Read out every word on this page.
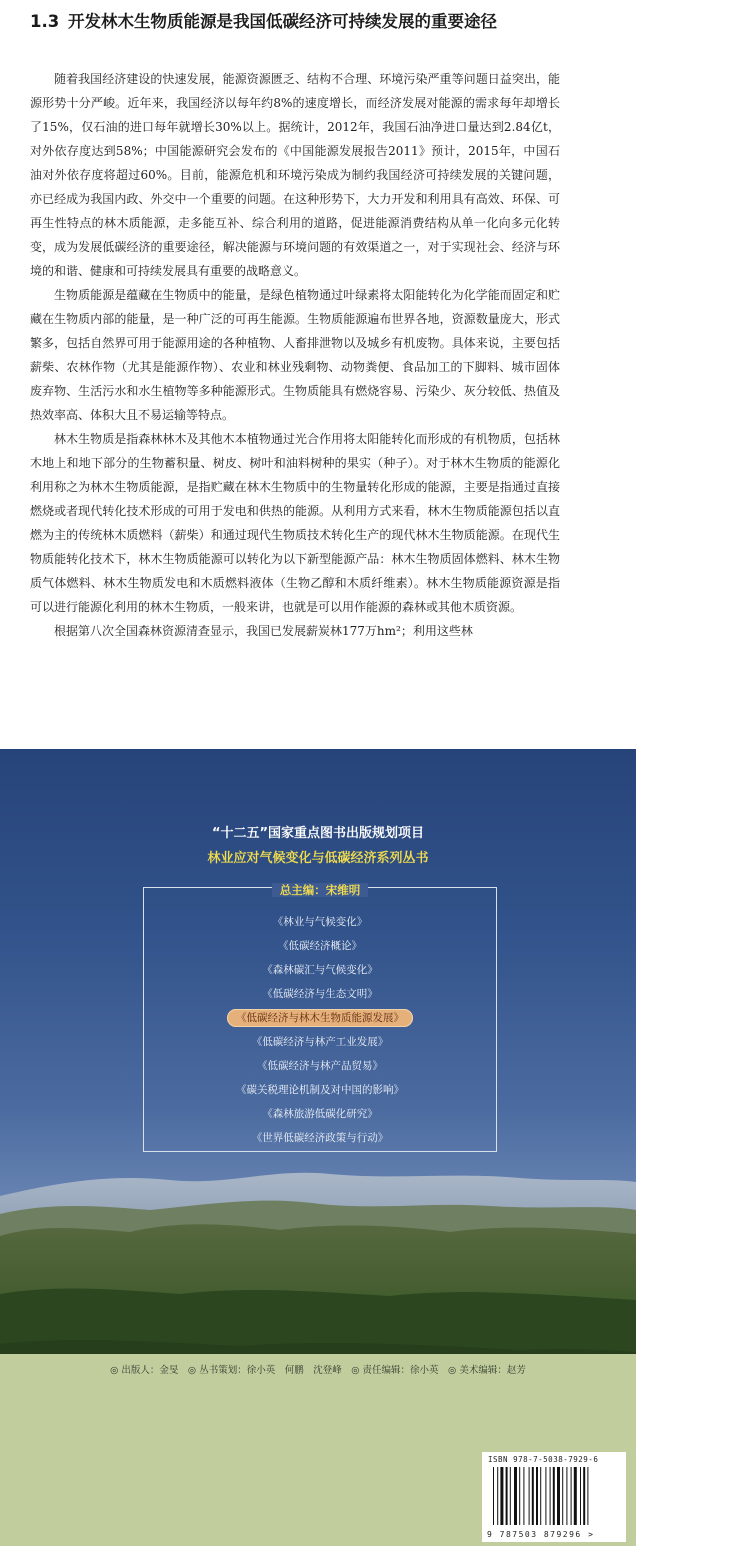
1.3 开发林木生物质能源是我国低碳经济可持续发展的重要途径

随着我国经济建设的快速发展，能源资源匮乏、结构不合理、环境污染严重等问题日益突出，能源形势十分严峻。近年来，我国经济以每年约8%的速度增长，而经济发展对能源的需求每年却增长了15%，仅石油的进口每年就增长30%以上。据统计，2012年，我国石油净进口量达到2.84亿t，对外依存度达到58%；中国能源研究会发布的《中国能源发展报告2011》预计，2015年，中国石油对外依存度将超过60%。目前，能源危机和环境污染成为制约我国经济可持续发展的关键问题，亦已经成为我国内政、外交中一个重要的问题。在这种形势下，大力开发和利用具有高效、环保、可再生性特点的林木质能源，走多能互补、综合利用的道路，促进能源消费结构从单一化向多元化转变，成为发展低碳经济的重要途径，解决能源与环境问题的有效渠道之一，对于实现社会、经济与环境的和谐、健康和可持续发展具有重要的战略意义。

生物质能源是蕴藏在生物质中的能量，是绿色植物通过叶绿素将太阳能转化为化学能而固定和贮藏在生物质内部的能量，是一种广泛的可再生能源。生物质能源遍布世界各地，资源数量庞大，形式繁多，包括自然界可用于能源用途的各种植物、人畜排泄物以及城乡有机废物。具体来说，主要包括薪柴、农林作物（尤其是能源作物）、农业和林业残剩物、动物粪便、食品加工的下脚料、城市固体废弃物、生活污水和水生植物等多种能源形式。生物质能具有燃烧容易、污染少、灰分较低、热值及热效率高、体积大且不易运输等特点。

林木生物质是指森林林木及其他木本植物通过光合作用将太阳能转化而形成的有机物质，包括林木地上和地下部分的生物蓄积量、树皮、树叶和油料树种的果实（种子）。对于林木生物质的能源化利用称之为林木生物质能源，是指贮藏在林木生物质中的生物量转化形成的能源，主要是指通过直接燃烧或者现代转化技术形成的可用于发电和供热的能源。从利用方式来看，林木生物质能源包括以直燃为主的传统林木质燃料（薪柴）和通过现代生物质技术转化生产的现代林木生物质能源。在现代生物质能转化技术下，林木生物质能源可以转化为以下新型能源产品：林木生物质固体燃料、林木生物质气体燃料、林木生物质发电和木质燃料液体（生物乙醇和木质纤维素）。林木生物质能源资源是指可以进行能源化利用的林木生物质，一般来讲，也就是可以用作能源的森林或其他木质资源。

根据第八次全国森林资源清查显示，我国已发展薪炭林177万hm²；利用这些林

“十二五”国家重点图书出版规划项目
林业应对气候变化与低碳经济系列丛书
总主编：宋维明
《林业与气候变化》
《低碳经济概论》
《森林碳汇与气候变化》
《低碳经济与生态文明》
《低碳经济与林木生物质能源发展》
《低碳经济与林产工业发展》
《低碳经济与林产品贸易》
《碳关税理论机制及对中国的影响》
《森林旅游低碳化研究》
《世界低碳经济政策与行动》
◎ 出版人：金旻　◎ 丛书策划：徐小英　何鹏　沈登峰　◎ 责任编辑：徐小英　◎ 美术编辑：赵芳
ISBN 978-7-5038-7929-6
9 787503 879296 >
